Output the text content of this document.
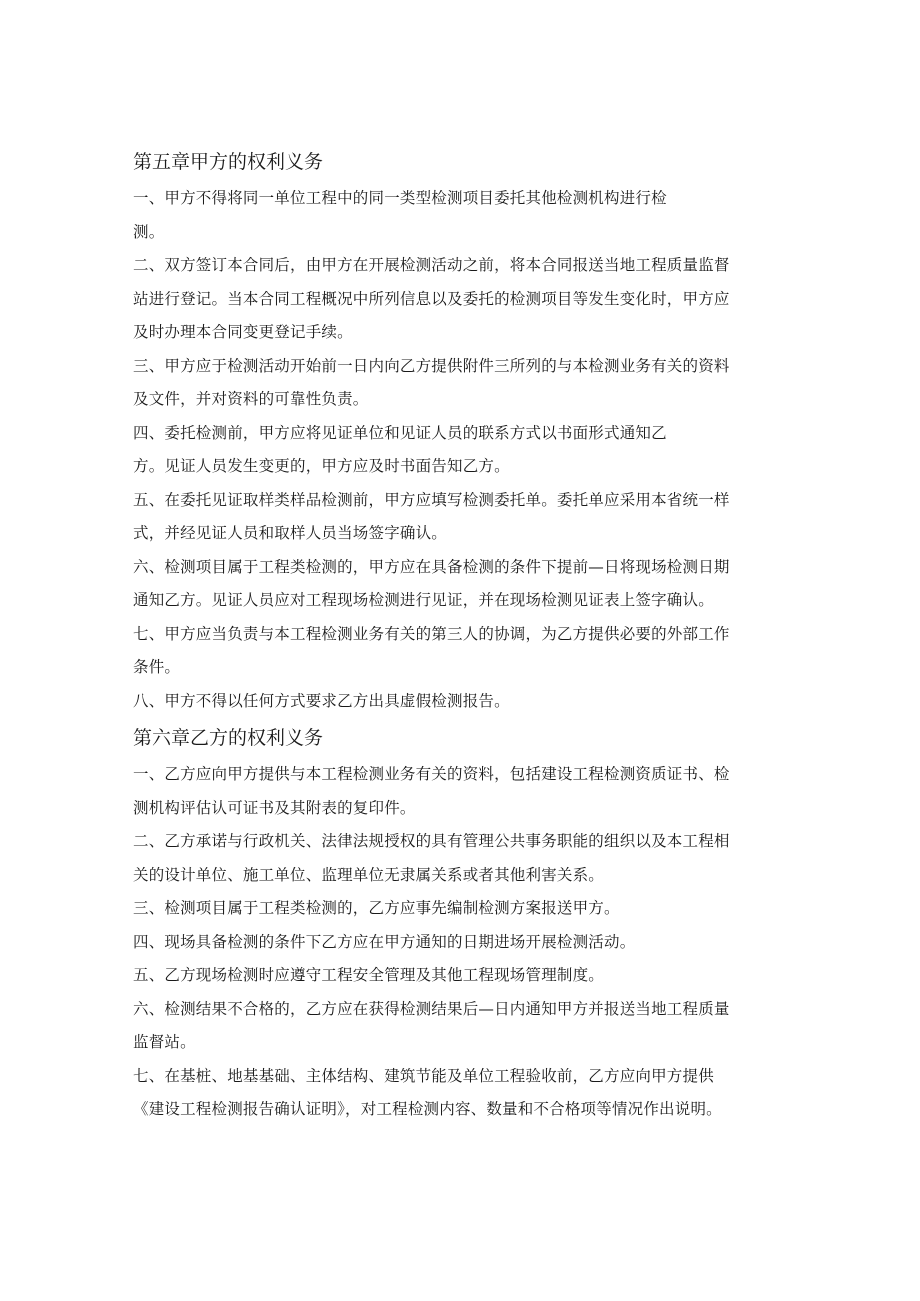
第五章甲方的权利义务
一、甲方不得将同一单位工程中的同一类型检测项目委托其他检测机构进行检
测。
二、双方签订本合同后，由甲方在开展检测活动之前，将本合同报送当地工程质量监督
站进行登记。当本合同工程概况中所列信息以及委托的检测项目等发生变化时，甲方应
及时办理本合同变更登记手续。
三、甲方应于检测活动开始前一日内向乙方提供附件三所列的与本检测业务有关的资料
及文件，并对资料的可靠性负责。
四、委托检测前，甲方应将见证单位和见证人员的联系方式以书面形式通知乙
方。见证人员发生变更的，甲方应及时书面告知乙方。
五、在委托见证取样类样品检测前，甲方应填写检测委托单。委托单应采用本省统一样
式，并经见证人员和取样人员当场签字确认。
六、检测项目属于工程类检测的，甲方应在具备检测的条件下提前—日将现场检测日期
通知乙方。见证人员应对工程现场检测进行见证，并在现场检测见证表上签字确认。
七、甲方应当负责与本工程检测业务有关的第三人的协调，为乙方提供必要的外部工作
条件。
八、甲方不得以任何方式要求乙方出具虚假检测报告。
第六章乙方的权利义务
一、乙方应向甲方提供与本工程检测业务有关的资料，包括建设工程检测资质证书、检
测机构评估认可证书及其附表的复印件。
二、乙方承诺与行政机关、法律法规授权的具有管理公共事务职能的组织以及本工程相
关的设计单位、施工单位、监理单位无隶属关系或者其他利害关系。
三、检测项目属于工程类检测的，乙方应事先编制检测方案报送甲方。
四、现场具备检测的条件下乙方应在甲方通知的日期进场开展检测活动。
五、乙方现场检测时应遵守工程安全管理及其他工程现场管理制度。
六、检测结果不合格的，乙方应在获得检测结果后—日内通知甲方并报送当地工程质量
监督站。
七、在基桩、地基基础、主体结构、建筑节能及单位工程验收前，乙方应向甲方提供
《建设工程检测报告确认证明》，对工程检测内容、数量和不合格项等情况作出说明。
